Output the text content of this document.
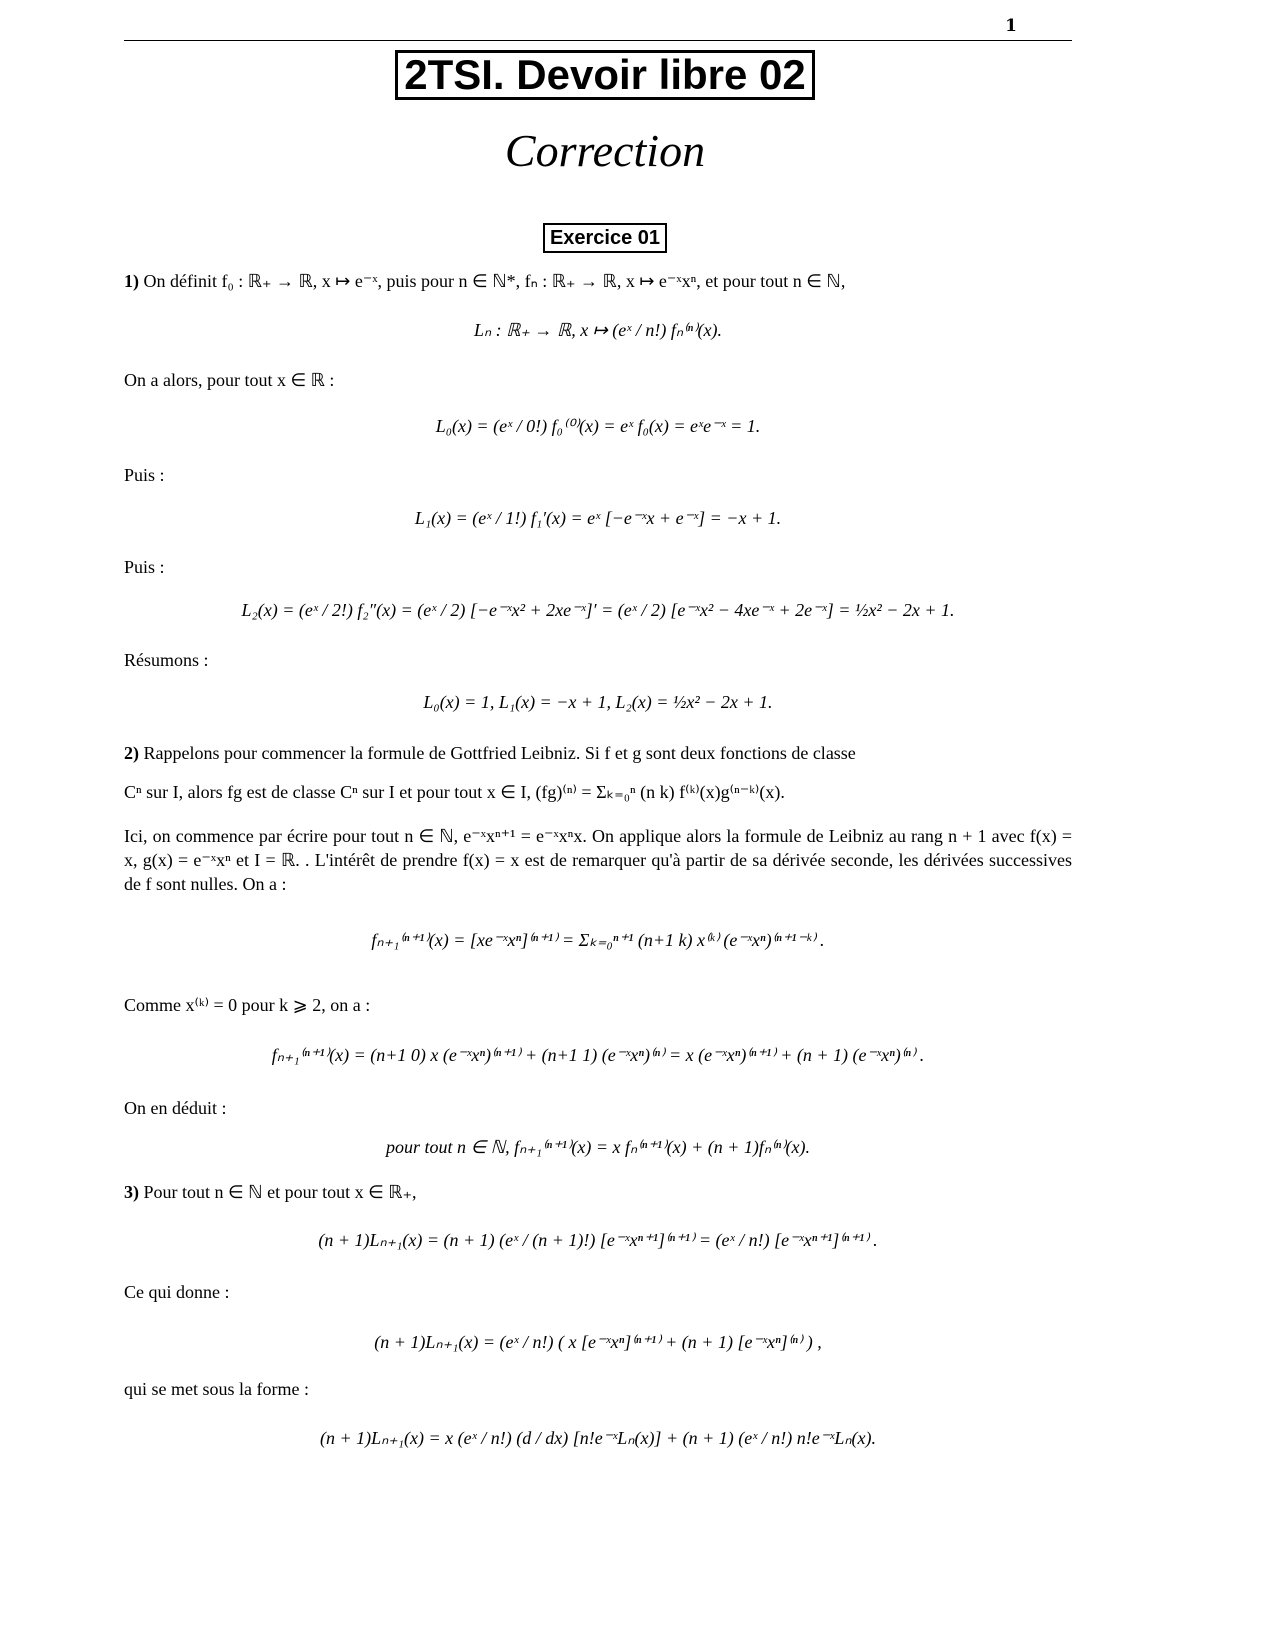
1
2TSI. Devoir libre 02
Correction
Exercice 01
1) On définit f₀ : ℝ₊ → ℝ, x ↦ e⁻ˣ, puis pour n ∈ ℕ*, fₙ : ℝ₊ → ℝ, x ↦ e⁻ˣxⁿ, et pour tout n ∈ ℕ,
Lₙ : ℝ₊ → ℝ, x ↦ (eˣ / n!) fₙ⁽ⁿ⁾(x).
On a alors, pour tout x ∈ ℝ :
L₀(x) = (eˣ / 0!) f₀⁽⁰⁾(x) = eˣ f₀(x) = eˣe⁻ˣ = 1.
Puis :
L₁(x) = (eˣ / 1!) f₁′(x) = eˣ [−e⁻ˣx + e⁻ˣ] = −x + 1.
Puis :
L₂(x) = (eˣ / 2!) f₂″(x) = (eˣ / 2) [−e⁻ˣx² + 2xe⁻ˣ]′ = (eˣ / 2) [e⁻ˣx² − 4xe⁻ˣ + 2e⁻ˣ] = ½x² − 2x + 1.
Résumons :
L₀(x) = 1, L₁(x) = −x + 1, L₂(x) = ½x² − 2x + 1.
2) Rappelons pour commencer la formule de Gottfried Leibniz. Si f et g sont deux fonctions de classe
Cⁿ sur I, alors fg est de classe Cⁿ sur I et pour tout x ∈ I, (fg)⁽ⁿ⁾ = Σₖ₌₀ⁿ (n k) f⁽ᵏ⁾(x)g⁽ⁿ⁻ᵏ⁾(x).
Ici, on commence par écrire pour tout n ∈ ℕ, e⁻ˣxⁿ⁺¹ = e⁻ˣxⁿx. On applique alors la formule de Leibniz au rang n + 1 avec f(x) = x, g(x) = e⁻ˣxⁿ et I = ℝ. . L'intérêt de prendre f(x) = x est de remarquer qu'à partir de sa dérivée seconde, les dérivées successives de f sont nulles. On a :
fₙ₊₁⁽ⁿ⁺¹⁾(x) = [xe⁻ˣxⁿ]⁽ⁿ⁺¹⁾ = Σₖ₌₀ⁿ⁺¹ (n+1 k) x⁽ᵏ⁾ (e⁻ˣxⁿ)⁽ⁿ⁺¹⁻ᵏ⁾ .
Comme x⁽ᵏ⁾ = 0 pour k ⩾ 2, on a :
fₙ₊₁⁽ⁿ⁺¹⁾(x) = (n+1 0) x (e⁻ˣxⁿ)⁽ⁿ⁺¹⁾ + (n+1 1) (e⁻ˣxⁿ)⁽ⁿ⁾ = x (e⁻ˣxⁿ)⁽ⁿ⁺¹⁾ + (n + 1) (e⁻ˣxⁿ)⁽ⁿ⁾ .
On en déduit :
pour tout n ∈ ℕ, fₙ₊₁⁽ⁿ⁺¹⁾(x) = x fₙ⁽ⁿ⁺¹⁾(x) + (n + 1)fₙ⁽ⁿ⁾(x).
3) Pour tout n ∈ ℕ et pour tout x ∈ ℝ₊,
(n + 1)Lₙ₊₁(x) = (n + 1) (eˣ / (n + 1)!) [e⁻ˣxⁿ⁺¹]⁽ⁿ⁺¹⁾ = (eˣ / n!) [e⁻ˣxⁿ⁺¹]⁽ⁿ⁺¹⁾ .
Ce qui donne :
(n + 1)Lₙ₊₁(x) = (eˣ / n!) ( x [e⁻ˣxⁿ]⁽ⁿ⁺¹⁾ + (n + 1) [e⁻ˣxⁿ]⁽ⁿ⁾ ) ,
qui se met sous la forme :
(n + 1)Lₙ₊₁(x) = x (eˣ / n!) (d / dx) [n!e⁻ˣLₙ(x)] + (n + 1) (eˣ / n!) n!e⁻ˣLₙ(x).
